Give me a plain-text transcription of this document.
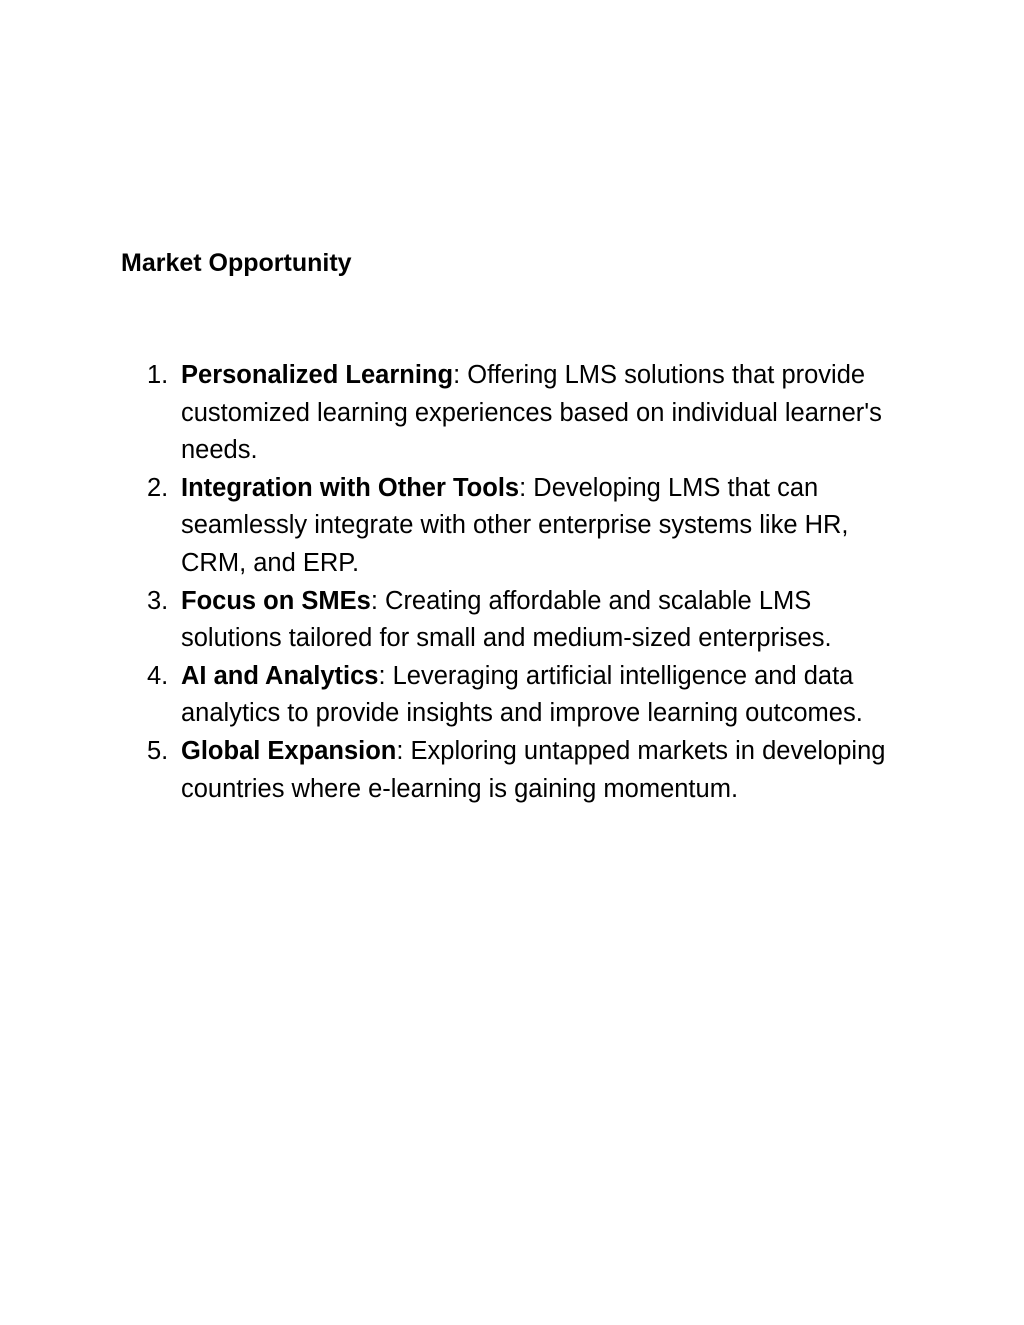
Market Opportunity
1. Personalized Learning: Offering LMS solutions that provide customized learning experiences based on individual learner's needs.
2. Integration with Other Tools: Developing LMS that can seamlessly integrate with other enterprise systems like HR, CRM, and ERP.
3. Focus on SMEs: Creating affordable and scalable LMS solutions tailored for small and medium-sized enterprises.
4. AI and Analytics: Leveraging artificial intelligence and data analytics to provide insights and improve learning outcomes.
5. Global Expansion: Exploring untapped markets in developing countries where e-learning is gaining momentum.
